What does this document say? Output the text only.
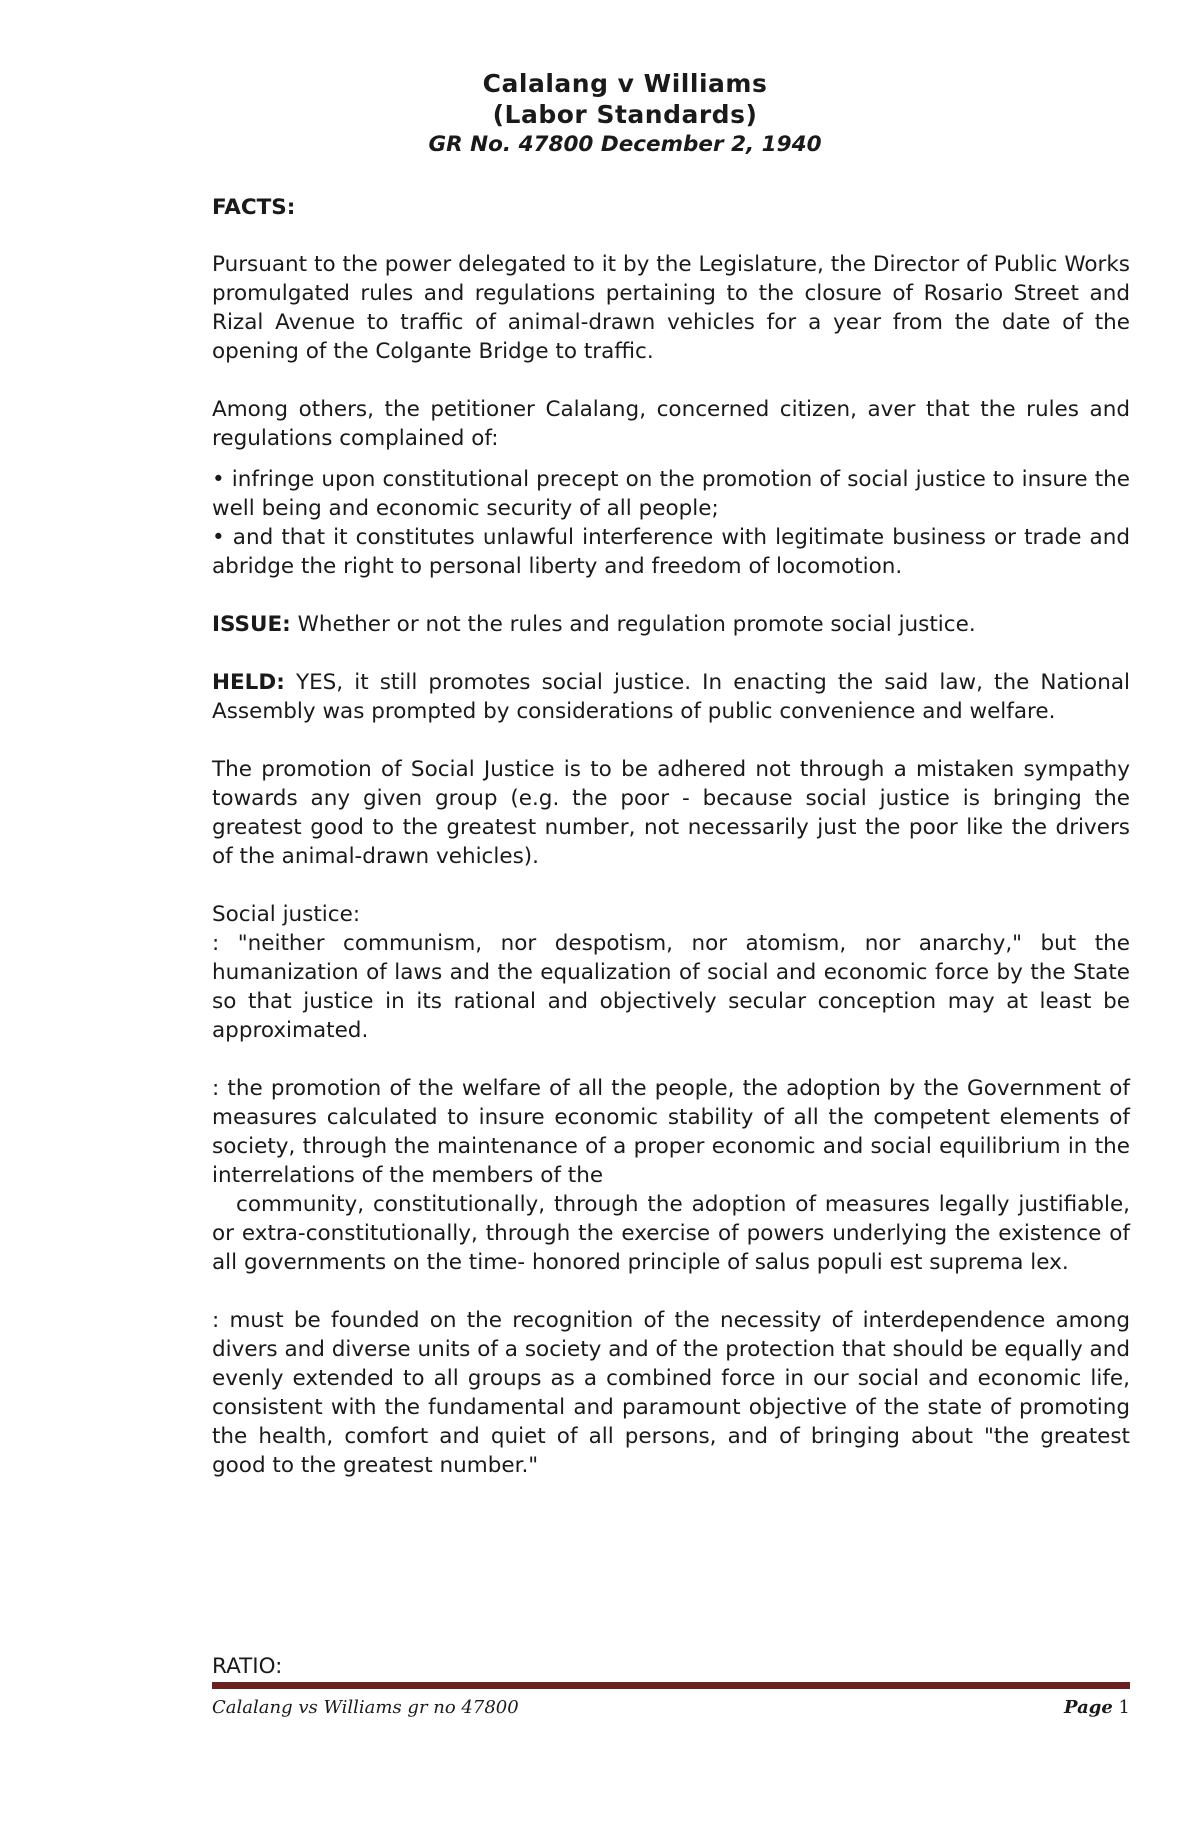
Calalang v Williams

(Labor Standards)

GR No. 47800 December 2, 1940

FACTS:

Pursuant to the power delegated to it by the Legislature, the Director of Public Works promulgated rules and regulations pertaining to the closure of Rosario Street and Rizal Avenue to traffic of animal-drawn vehicles for a year from the date of the opening of the Colgante Bridge to traffic.

Among others, the petitioner Calalang, concerned citizen, aver that the rules and regulations complained of:

• infringe upon constitutional precept on the promotion of social justice to insure the well being and economic security of all people;

• and that it constitutes unlawful interference with legitimate business or trade and abridge the right to personal liberty and freedom of locomotion.

ISSUE: Whether or not the rules and regulation promote social justice.

HELD: YES, it still promotes social justice. In enacting the said law, the National Assembly was prompted by considerations of public convenience and welfare.

The promotion of Social Justice is to be adhered not through a mistaken sympathy towards any given group (e.g. the poor - because social justice is bringing the greatest good to the greatest number, not necessarily just the poor like the drivers of the animal-drawn vehicles).

Social justice:

: "neither communism, nor despotism, nor atomism, nor anarchy," but the humanization of laws and the equalization of social and economic force by the State so that justice in its rational and objectively secular conception may at least be approximated.

: the promotion of the welfare of all the people, the adoption by the Government of measures calculated to insure economic stability of all the competent elements of society, through the maintenance of a proper economic and social equilibrium in the interrelations of the members of the

community, constitutionally, through the adoption of measures legally justifiable, or extra-constitutionally, through the exercise of powers underlying the existence of all governments on the time- honored principle of salus populi est suprema lex.

: must be founded on the recognition of the necessity of interdependence among divers and diverse units of a society and of the protection that should be equally and evenly extended to all groups as a combined force in our social and economic life, consistent with the fundamental and paramount objective of the state of promoting the health, comfort and quiet of all persons, and of bringing about "the greatest good to the greatest number."

RATIO:

Calalang vs Williams gr no 47800	Page 1
